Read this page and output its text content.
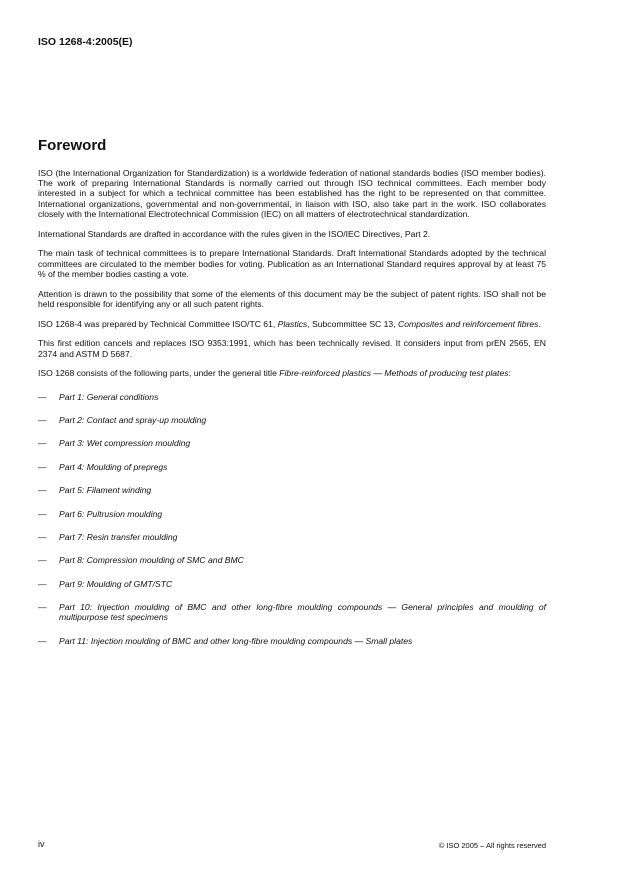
ISO 1268-4:2005(E)
Foreword

ISO (the International Organization for Standardization) is a worldwide federation of national standards bodies (ISO member bodies). The work of preparing International Standards is normally carried out through ISO technical committees. Each member body interested in a subject for which a technical committee has been established has the right to be represented on that committee. International organizations, governmental and non-governmental, in liaison with ISO, also take part in the work. ISO collaborates closely with the International Electrotechnical Commission (IEC) on all matters of electrotechnical standardization.

International Standards are drafted in accordance with the rules given in the ISO/IEC Directives, Part 2.

The main task of technical committees is to prepare International Standards. Draft International Standards adopted by the technical committees are circulated to the member bodies for voting. Publication as an International Standard requires approval by at least 75 % of the member bodies casting a vote.

Attention is drawn to the possibility that some of the elements of this document may be the subject of patent rights. ISO shall not be held responsible for identifying any or all such patent rights.

ISO 1268-4 was prepared by Technical Committee ISO/TC 61, Plastics, Subcommittee SC 13, Composites and reinforcement fibres.

This first edition cancels and replaces ISO 9353:1991, which has been technically revised. It considers input from prEN 2565, EN 2374 and ASTM D 5687.

ISO 1268 consists of the following parts, under the general title Fibre-reinforced plastics — Methods of producing test plates:

—	Part 1: General conditions
—	Part 2: Contact and spray-up moulding
—	Part 3: Wet compression moulding
—	Part 4: Moulding of prepregs
—	Part 5: Filament winding
—	Part 6: Pultrusion moulding
—	Part 7: Resin transfer moulding
—	Part 8: Compression moulding of SMC and BMC
—	Part 9: Moulding of GMT/STC
—	Part 10: Injection moulding of BMC and other long-fibre moulding compounds — General principles and moulding of multipurpose test specimens
—	Part 11: Injection moulding of BMC and other long-fibre moulding compounds — Small plates
iv	© ISO 2005 – All rights reserved
